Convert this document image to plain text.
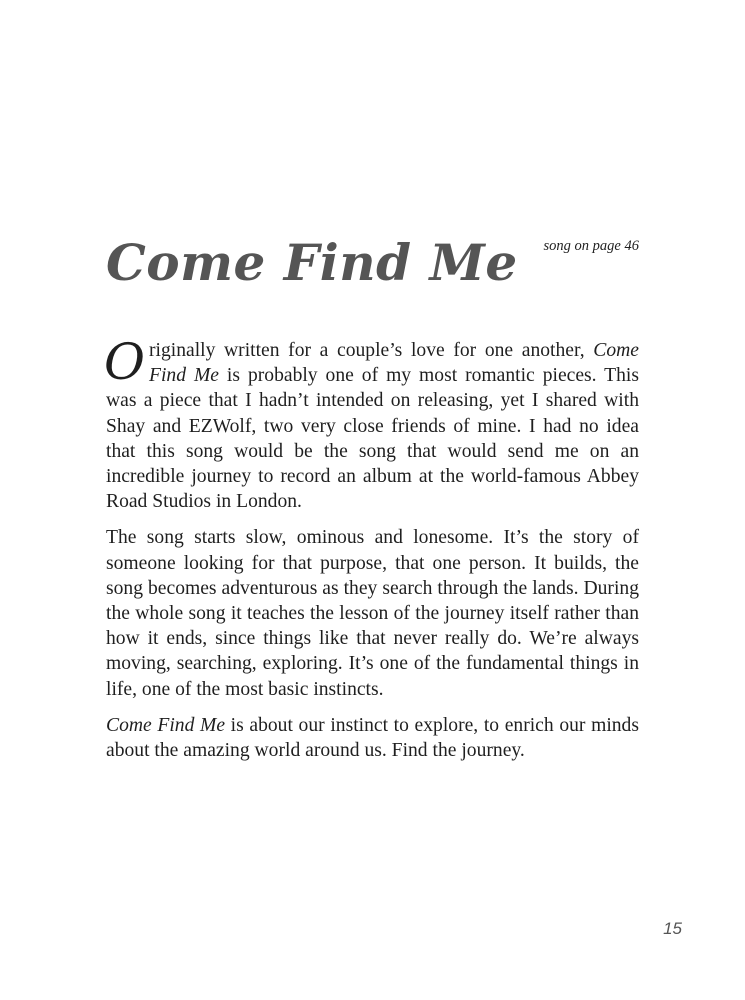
Come Find Me song on page 46

Originally written for a couple’s love for one another, Come Find Me is probably one of my most romantic pieces. This was a piece that I hadn’t intended on releasing, yet I shared with Shay and EZWolf, two very close friends of mine. I had no idea that this song would be the song that would send me on an incredible journey to record an album at the world-famous Abbey Road Studios in London.

The song starts slow, ominous and lonesome. It’s the story of someone looking for that purpose, that one person. It builds, the song becomes adventurous as they search through the lands. During the whole song it teaches the lesson of the journey itself rather than how it ends, since things like that never really do. We’re always moving, searching, exploring. It’s one of the fundamental things in life, one of the most basic instincts.

Come Find Me is about our instinct to explore, to enrich our minds about the amazing world around us. Find the journey.

15
